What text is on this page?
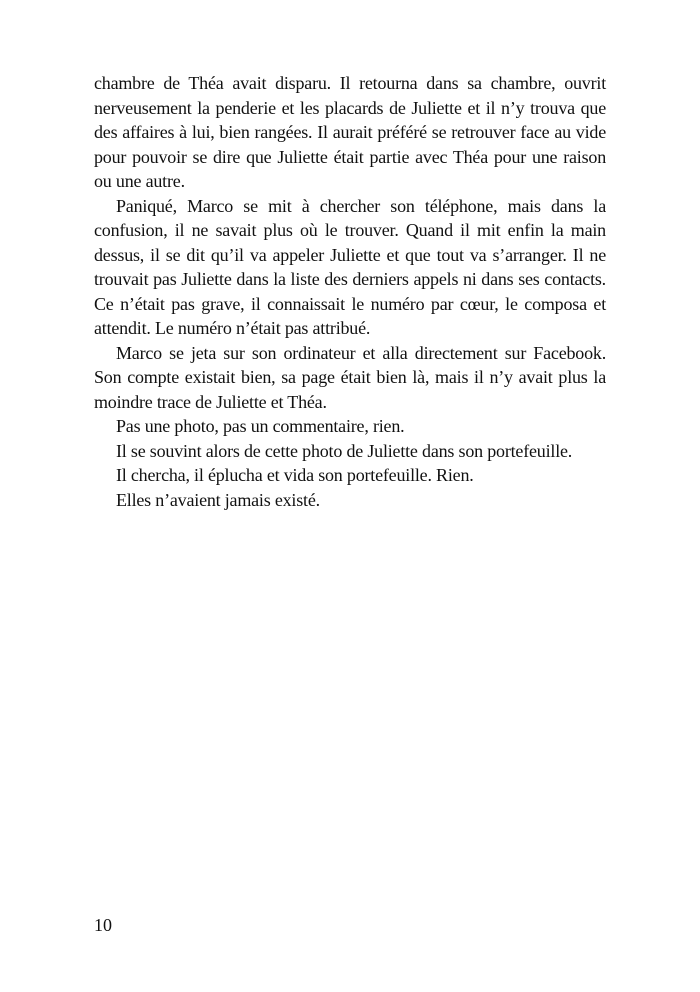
chambre de Théa avait disparu. Il retourna dans sa chambre, ouvrit nerveusement la penderie et les placards de Juliette et il n’y trouva que des affaires à lui, bien rangées. Il aurait préféré se retrouver face au vide pour pouvoir se dire que Juliette était partie avec Théa pour une raison ou une autre.

Paniqué, Marco se mit à chercher son téléphone, mais dans la confusion, il ne savait plus où le trouver. Quand il mit enfin la main dessus, il se dit qu’il va appeler Juliette et que tout va s’arranger. Il ne trouvait pas Juliette dans la liste des derniers appels ni dans ses contacts. Ce n’était pas grave, il connaissait le numéro par cœur, le composa et attendit. Le numéro n’était pas attribué.

Marco se jeta sur son ordinateur et alla directement sur Facebook. Son compte existait bien, sa page était bien là, mais il n’y avait plus la moindre trace de Juliette et Théa.

Pas une photo, pas un commentaire, rien.

Il se souvint alors de cette photo de Juliette dans son portefeuille.

Il chercha, il éplucha et vida son portefeuille. Rien.

Elles n’avaient jamais existé.

10
